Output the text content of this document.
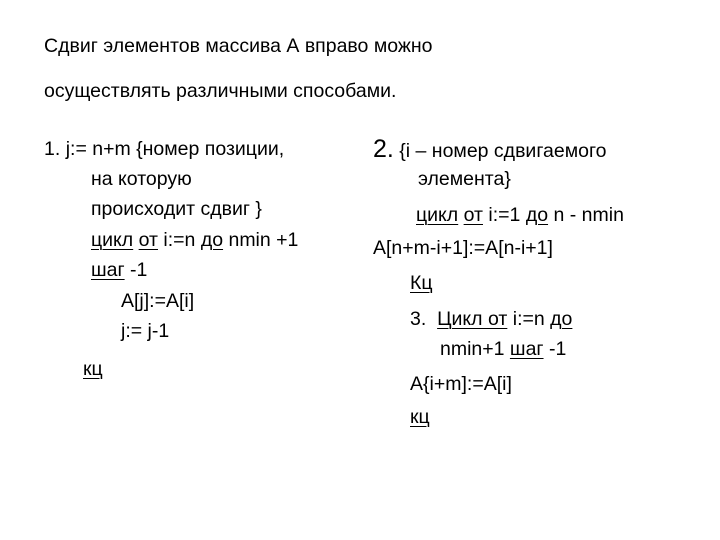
Сдвиг элементов массива А вправо можно
осуществлять различными способами.
1. j:= n+m {номер позиции,
на которую
происходит сдвиг }
цикл от i:=n до nmin +1
шаг -1
A[j]:=A[i]
j:= j-1
кц
2. {i – номер сдвигаемого
элемента}
цикл от i:=1 до n - nmin
A[n+m-i+1]:=A[n-i+1]
Кц
3. Цикл от i:=n до
nmin+1 шаг -1
A{i+m]:=A[i]
кц
